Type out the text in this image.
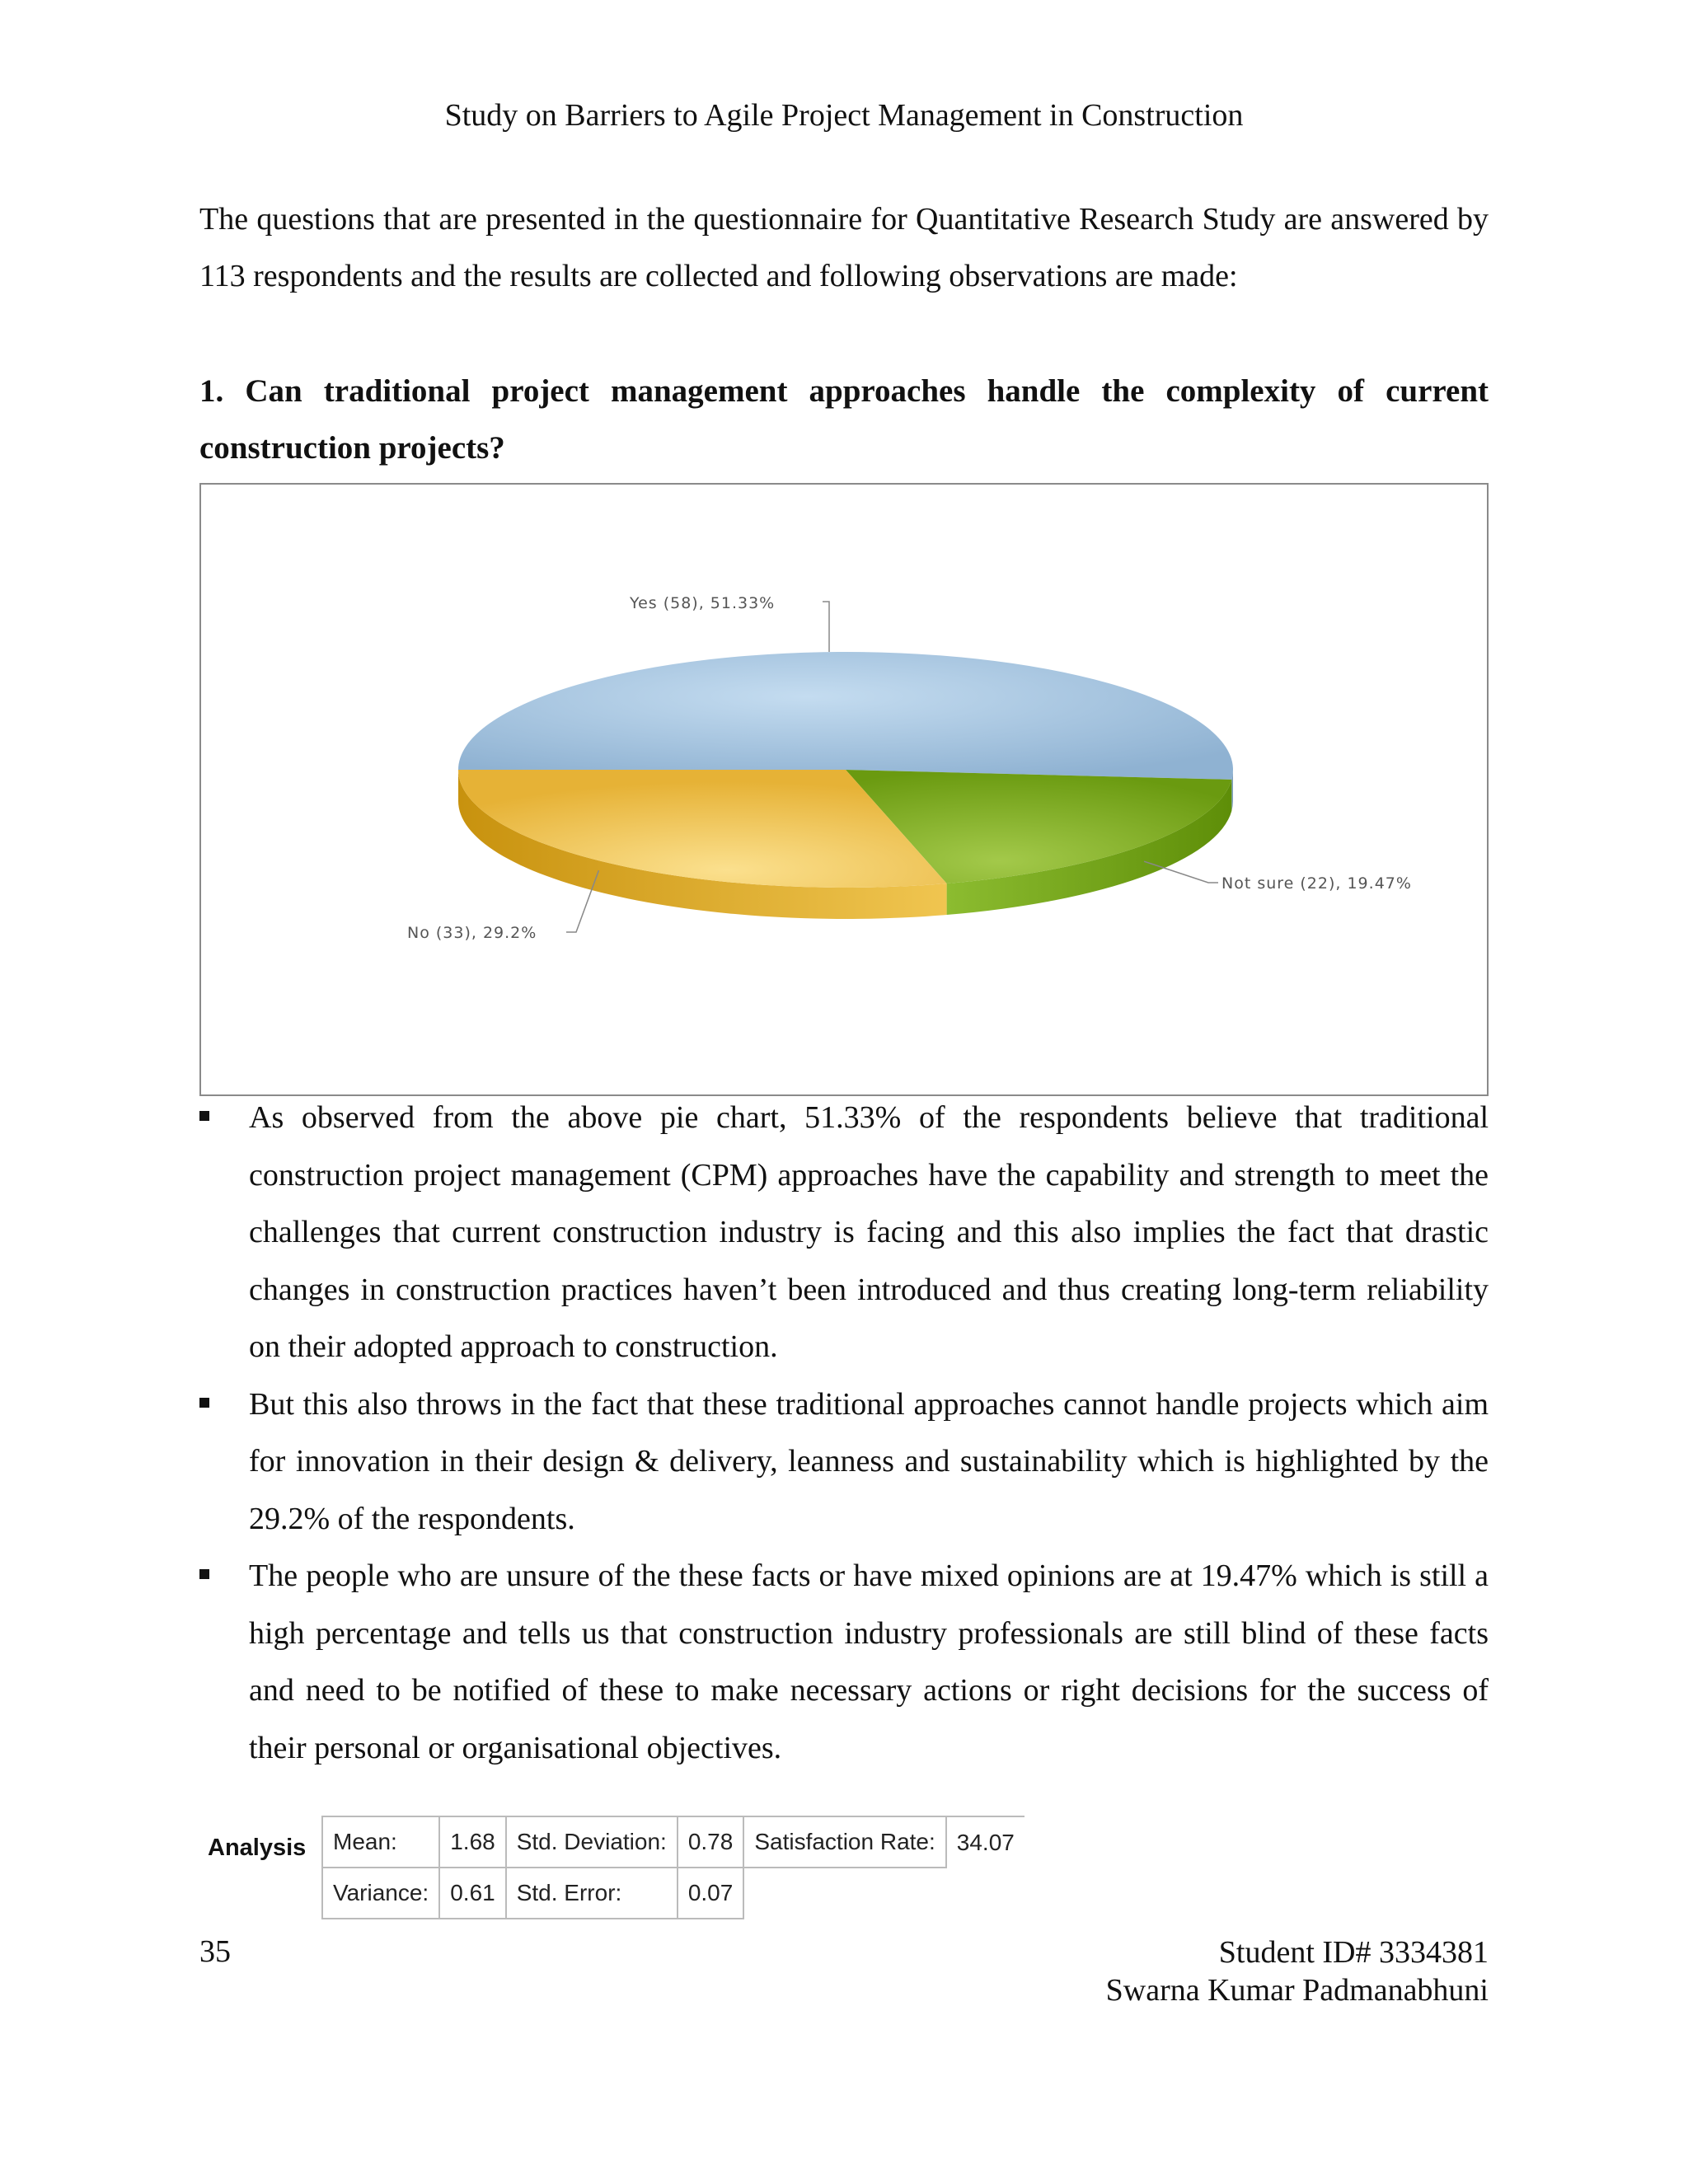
Study on Barriers to Agile Project Management in Construction

The questions that are presented in the questionnaire for Quantitative Research Study are answered by 113 respondents and the results are collected and following observations are made:

1. Can traditional project management approaches handle the complexity of current construction projects?

Yes (58), 51.33%
Not sure (22), 19.47%
No (33), 29.2%
As observed from the above pie chart, 51.33% of the respondents believe that traditional construction project management (CPM) approaches have the capability and strength to meet the challenges that current construction industry is facing and this also implies the fact that drastic changes in construction practices haven’t been introduced and thus creating long-term reliability on their adopted approach to construction.
But this also throws in the fact that these traditional approaches cannot handle projects which aim for innovation in their design & delivery, leanness and sustainability which is highlighted by the 29.2% of the respondents.
The people who are unsure of the these facts or have mixed opinions are at 19.47% which is still a high percentage and tells us that construction industry professionals are still blind of these facts and need to be notified of these to make necessary actions or right decisions for the success of their personal or organisational objectives.
Analysis Mean:	1.68	Std. Deviation:	0.78	Satisfaction Rate:	34.07
Variance:	0.61	Std. Error:	0.07		
35	Student ID# 3334381
Swarna Kumar Padmanabhuni
